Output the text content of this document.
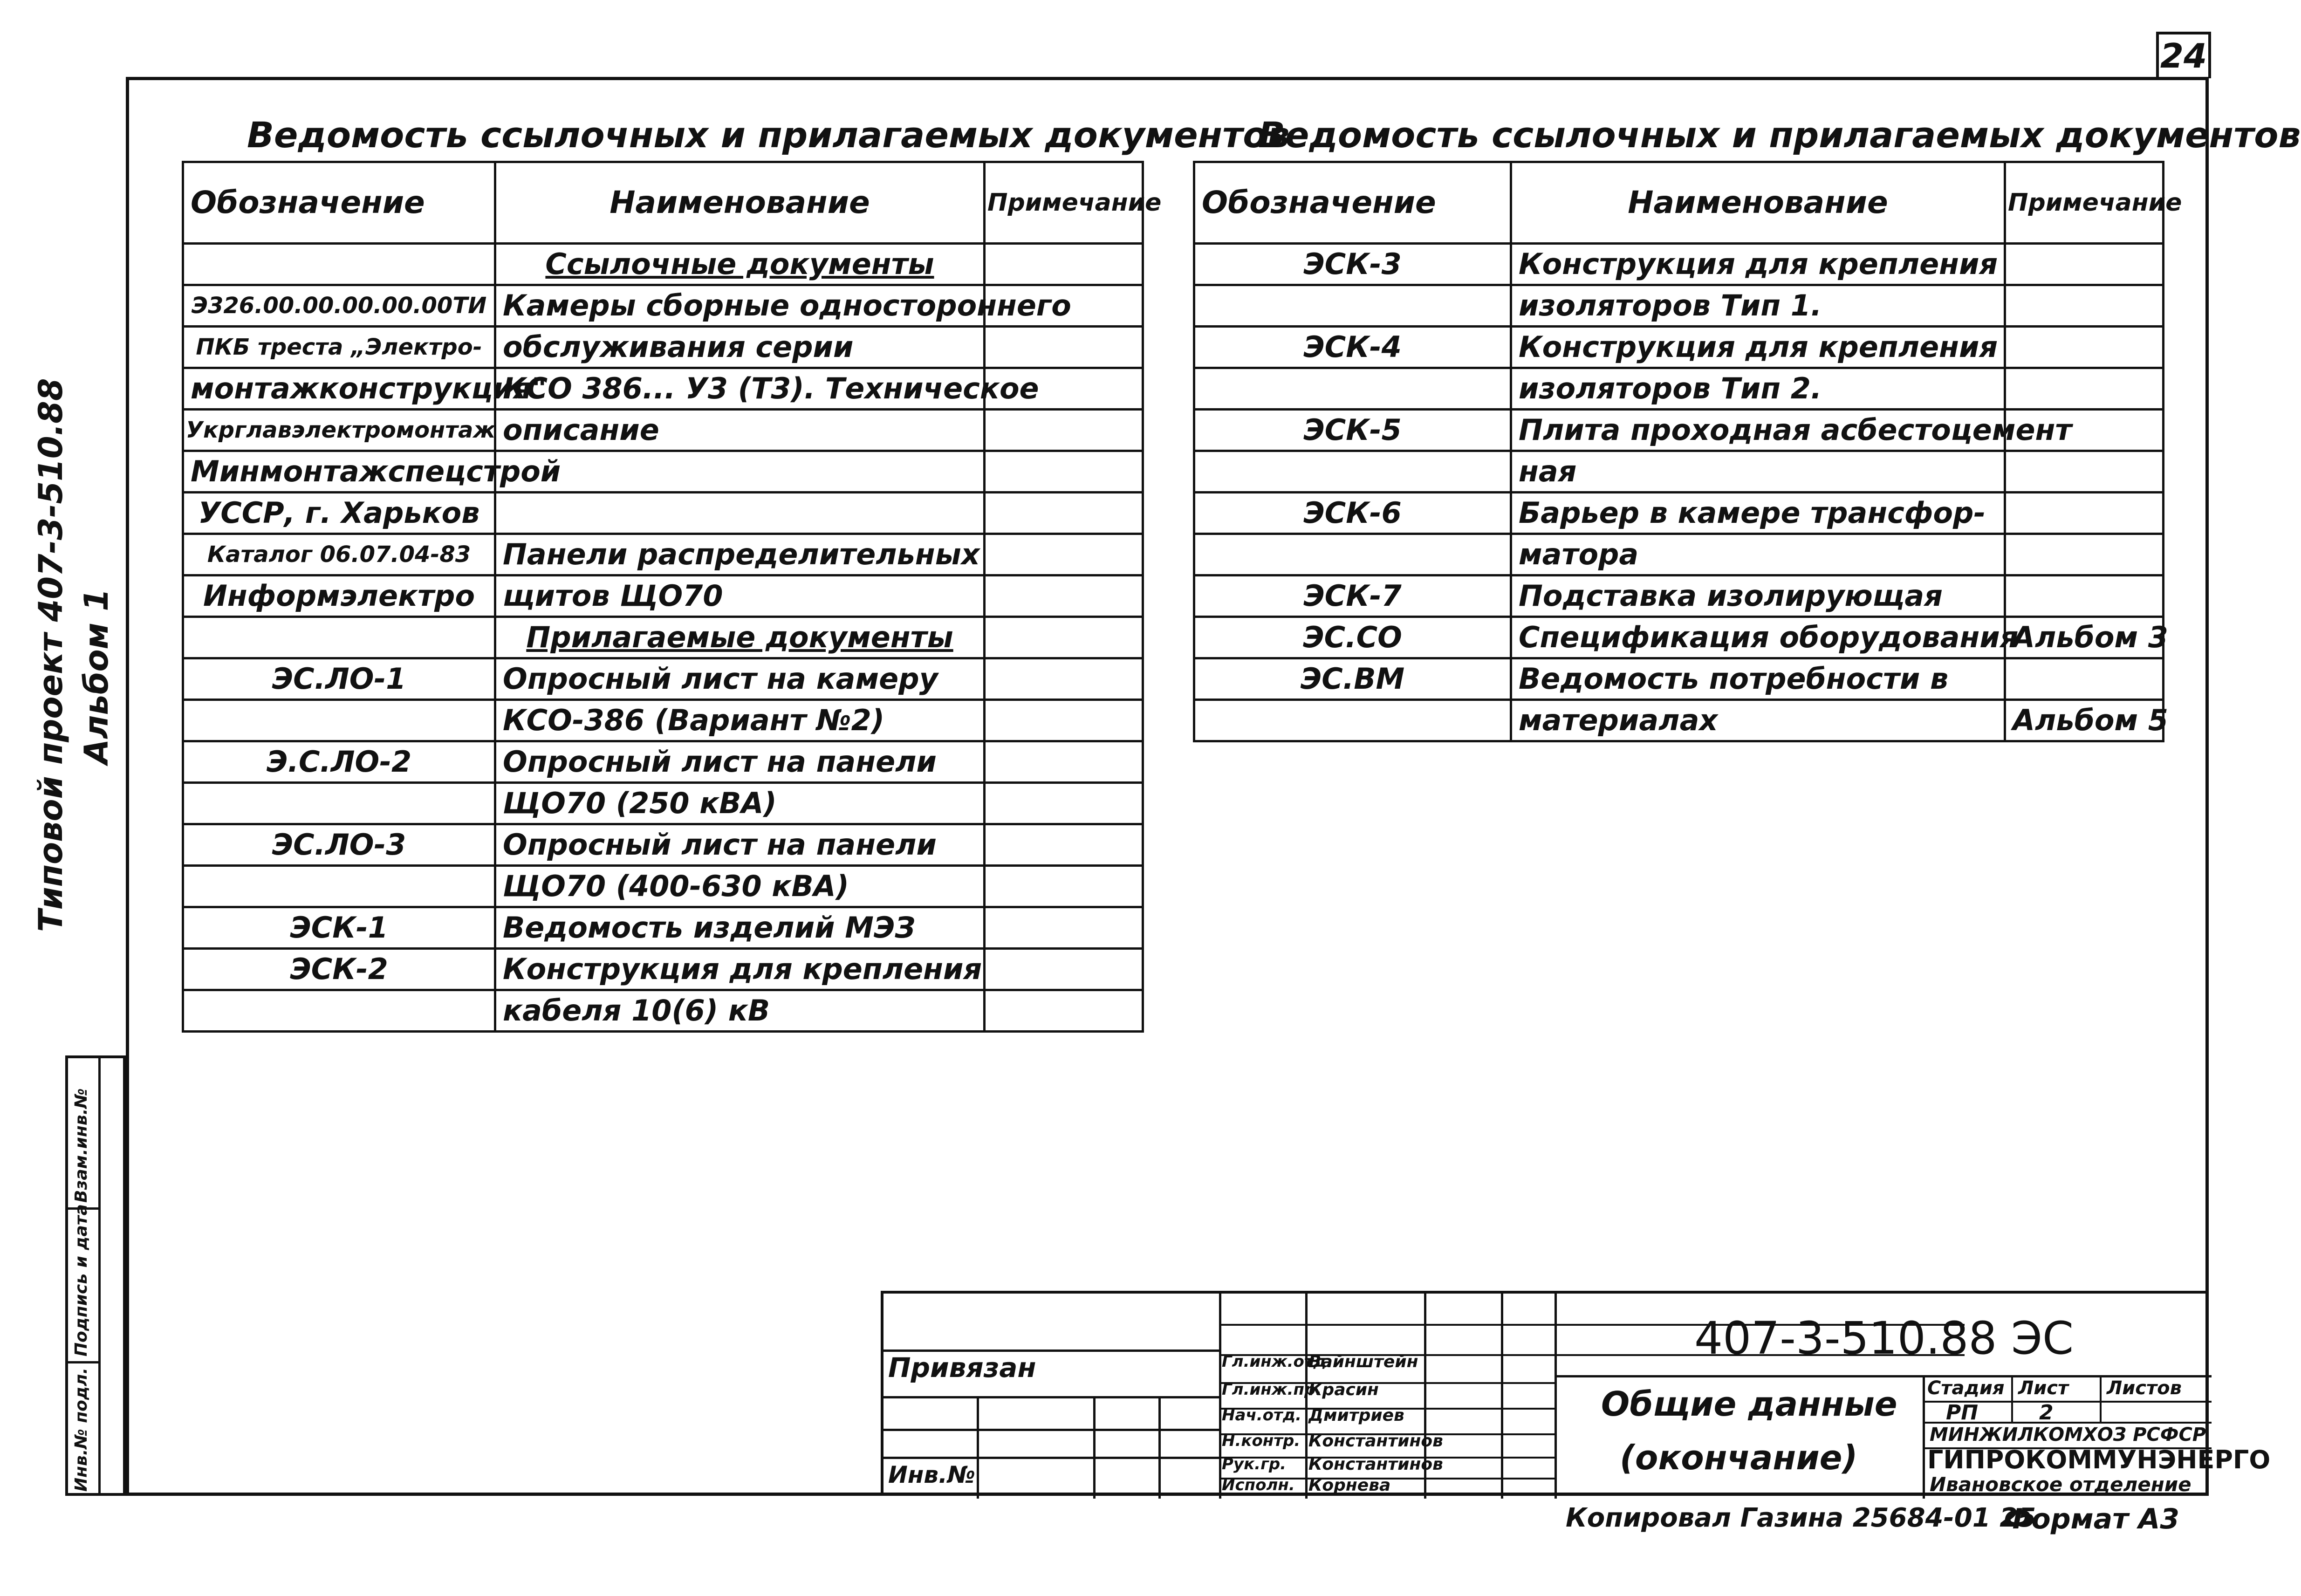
24
Типовой проект 407-3-510.88 Альбом 1
Инв.№ подл.
Подпись и дата
Взам.инв.№
Ведомость ссылочных и прилагаемых документов
Обозначение	Наименование	Примечание
	Ссылочные документы	
Э326.00.00.00.00.00ТИ	Камеры сборные одностороннего	
ПКБ треста „Электро-	обслуживания серии	
монтажконструкция"	КСО 386... У3 (Т3). Техническое	
Укрглавэлектромонтаж	описание	
Минмонтажспецстрой		
УССР, г. Харьков		
Каталог 06.07.04-83	Панели распределительных	
Информэлектро	щитов ЩО70	
	Прилагаемые документы	
ЭС.ЛО-1	Опросный лист на камеру	
	КСО-386 (Вариант №2)	
Э.С.ЛО-2	Опросный лист на панели	
	ЩО70 (250 кВА)	
ЭС.ЛО-3	Опросный лист на панели	
	ЩО70 (400-630 кВА)	
ЭСК-1	Ведомость изделий МЭЗ	
ЭСК-2	Конструкция для крепления	
	кабеля 10(6) кВ	
Ведомость ссылочных и прилагаемых документов
Обозначение	Наименование	Примечание
ЭСК-3	Конструкция для крепления	
	изоляторов Тип 1.	
ЭСК-4	Конструкция для крепления	
	изоляторов Тип 2.	
ЭСК-5	Плита проходная асбестоцемент	
	ная	
ЭСК-6	Барьер в камере трансфор-	
	матора	
ЭСК-7	Подставка изолирующая	
ЭС.СО	Спецификация оборудования	Альбом 3
ЭС.ВМ	Ведомость потребности в	
	материалах	Альбом 5
Привязан
Инв.№
Гл.инж.отд.
Вайнштейн
Гл.инж.пр.
Красин
Нач.отд. Дмитриев
Н.контр. Константинов
Рук.гр. Константинов
Исполн. Корнева
407-3-510.88 ЭС
Общие данные
(окончание)
Стадия Лист Листов
РП	2
МИНЖИЛКОМХОЗ РСФСР
ГИПРОКОММУНЭНЕРГО
Ивановское отделение
Копировал Газина 25684-01 25
Формат А3
